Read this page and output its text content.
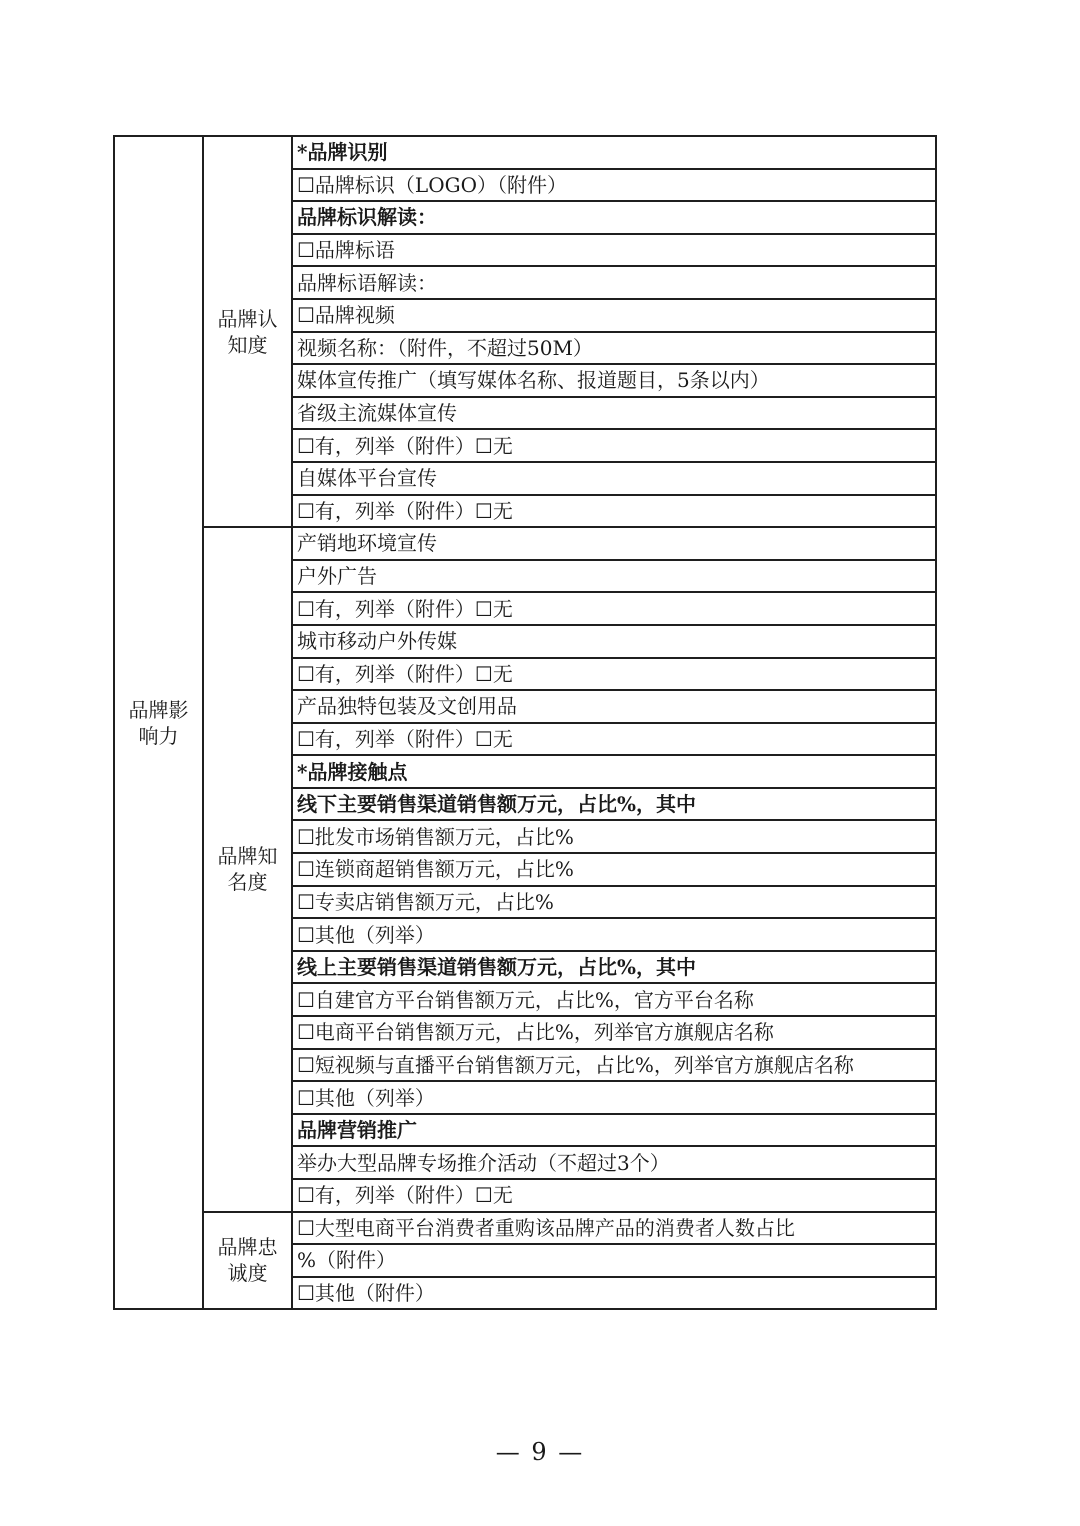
品牌影响力	品牌认知度	*品牌识别
		☐品牌标识（LOGO）（附件）
		品牌标识解读：
		☐品牌标语
		品牌标语解读：
		☐品牌视频
		视频名称：（附件，不超过50M）
		媒体宣传推广（填写媒体名称、报道题目，5条以内）
		省级主流媒体宣传
		☐有，列举（附件）☐无
		自媒体平台宣传
		☐有，列举（附件）☐无
	品牌知名度	产销地环境宣传
		户外广告
		☐有，列举（附件）☐无
		城市移动户外传媒
		☐有，列举（附件）☐无
		产品独特包装及文创用品
		☐有，列举（附件）☐无
		*品牌接触点
		线下主要销售渠道销售额万元，占比%，其中
		☐批发市场销售额万元，占比%
		☐连锁商超销售额万元，占比%
		☐专卖店销售额万元，占比%
		☐其他（列举）
		线上主要销售渠道销售额万元，占比%，其中
		☐自建官方平台销售额万元，占比%，官方平台名称
		☐电商平台销售额万元，占比%，列举官方旗舰店名称
		☐短视频与直播平台销售额万元，占比%，列举官方旗舰店名称
		☐其他（列举）
		品牌营销推广
		举办大型品牌专场推介活动（不超过3个）
		☐有，列举（附件）☐无
	品牌忠诚度	☐大型电商平台消费者重购该品牌产品的消费者人数占比
		%（附件）
		☐其他（附件）
— 9 —
